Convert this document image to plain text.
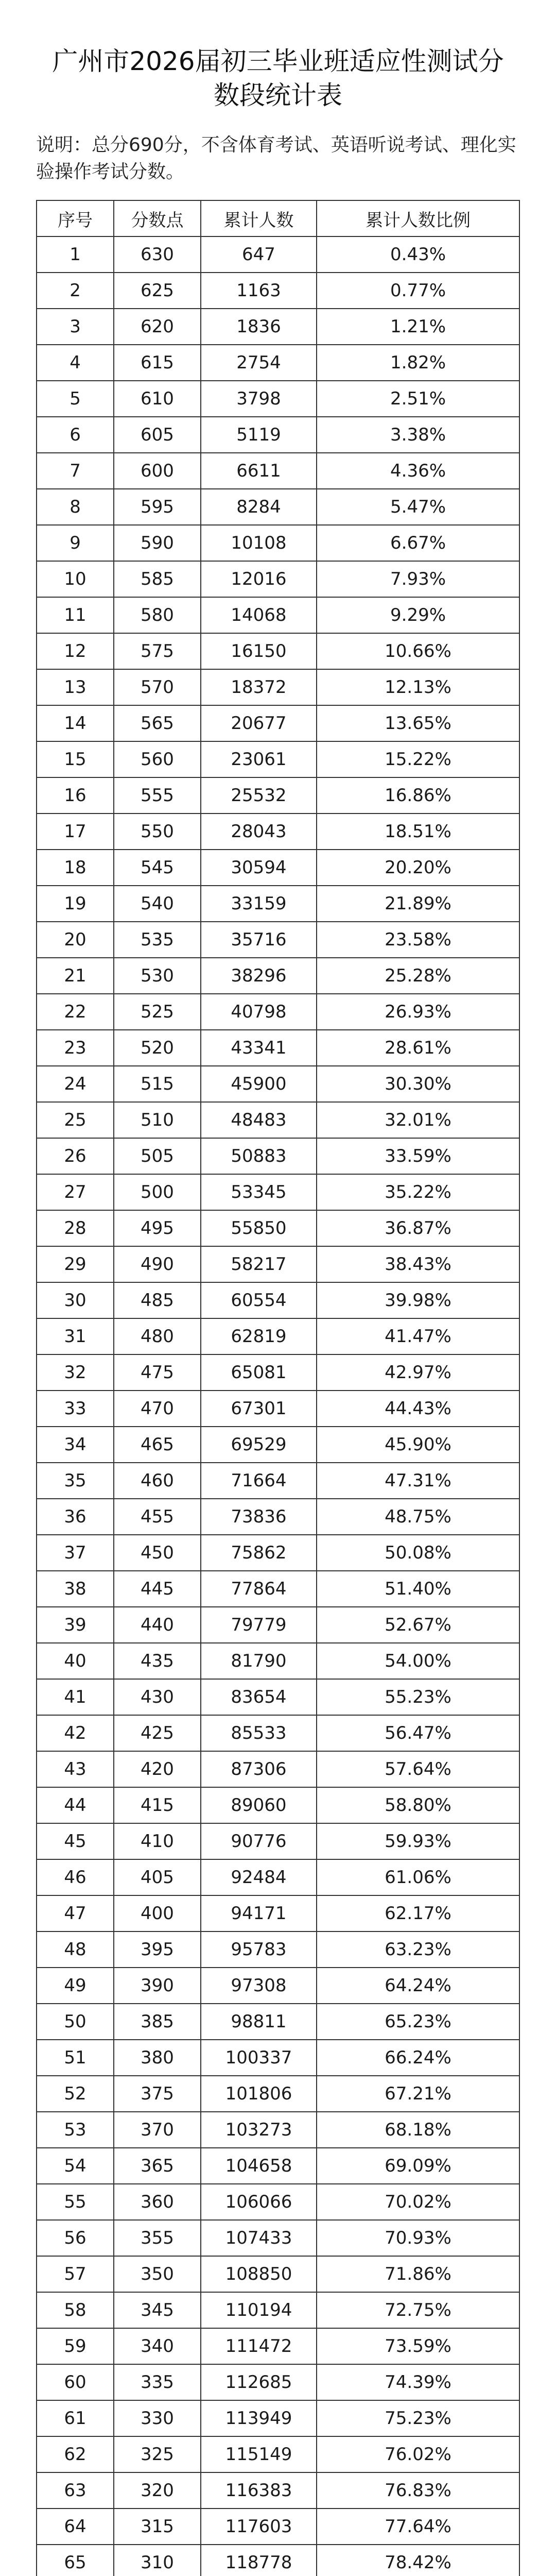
广州市2026届初三毕业班适应性测试分数段统计表

说明：总分690分，不含体育考试、英语听说考试、理化实验操作考试分数。

序号	分数点	累计人数	累计人数比例
1	630	647	0.43%
2	625	1163	0.77%
3	620	1836	1.21%
4	615	2754	1.82%
5	610	3798	2.51%
6	605	5119	3.38%
7	600	6611	4.36%
8	595	8284	5.47%
9	590	10108	6.67%
10	585	12016	7.93%
11	580	14068	9.29%
12	575	16150	10.66%
13	570	18372	12.13%
14	565	20677	13.65%
15	560	23061	15.22%
16	555	25532	16.86%
17	550	28043	18.51%
18	545	30594	20.20%
19	540	33159	21.89%
20	535	35716	23.58%
21	530	38296	25.28%
22	525	40798	26.93%
23	520	43341	28.61%
24	515	45900	30.30%
25	510	48483	32.01%
26	505	50883	33.59%
27	500	53345	35.22%
28	495	55850	36.87%
29	490	58217	38.43%
30	485	60554	39.98%
31	480	62819	41.47%
32	475	65081	42.97%
33	470	67301	44.43%
34	465	69529	45.90%
35	460	71664	47.31%
36	455	73836	48.75%
37	450	75862	50.08%
38	445	77864	51.40%
39	440	79779	52.67%
40	435	81790	54.00%
41	430	83654	55.23%
42	425	85533	56.47%
43	420	87306	57.64%
44	415	89060	58.80%
45	410	90776	59.93%
46	405	92484	61.06%
47	400	94171	62.17%
48	395	95783	63.23%
49	390	97308	64.24%
50	385	98811	65.23%
51	380	100337	66.24%
52	375	101806	67.21%
53	370	103273	68.18%
54	365	104658	69.09%
55	360	106066	70.02%
56	355	107433	70.93%
57	350	108850	71.86%
58	345	110194	72.75%
59	340	111472	73.59%
60	335	112685	74.39%
61	330	113949	75.23%
62	325	115149	76.02%
63	320	116383	76.83%
64	315	117603	77.64%
65	310	118778	78.42%
